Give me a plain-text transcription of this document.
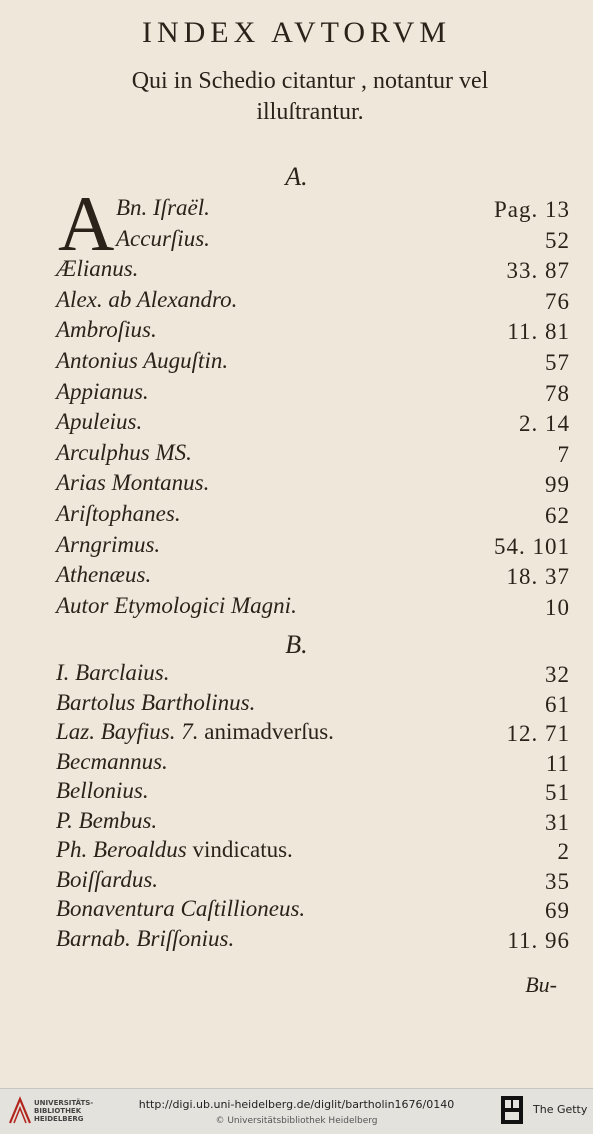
INDEX AVTORVM
Qui in Schedio citantur , notantur vel
illuſtrantur.
A.
A Bn. Iſraël.	Pag. 13
Accurſius.	52
Ælianus.	33. 87
Alex. ab Alexandro.	76
Ambroſius.	11. 81
Antonius Auguſtin.	57
Appianus.	78
Apuleius.	2. 14
Arculphus MS.	7
Arias Montanus.	99
Ariſtophanes.	62
Arngrimus.	54. 101
Athenæus.	18. 37
Autor Etymologici Magni.	10
B.
I. Barclaius.	32
Bartolus Bartholinus.	61
Laz. Bayfius. 7. animadverſus.	12. 71
Becmannus.	11
Bellonius.	51
P. Bembus.	31
Ph. Beroaldus vindicatus.	2
Boiſſardus.	35
Bonaventura Caſtillioneus.	69
Barnab. Briſſonius.	11. 96
Bu-
UNIVERSITÄTS-
BIBLIOTHEK
HEIDELBERG
http://digi.ub.uni-heidelberg.de/diglit/bartholin1676/0140
© Universitätsbibliothek Heidelberg
The Getty
